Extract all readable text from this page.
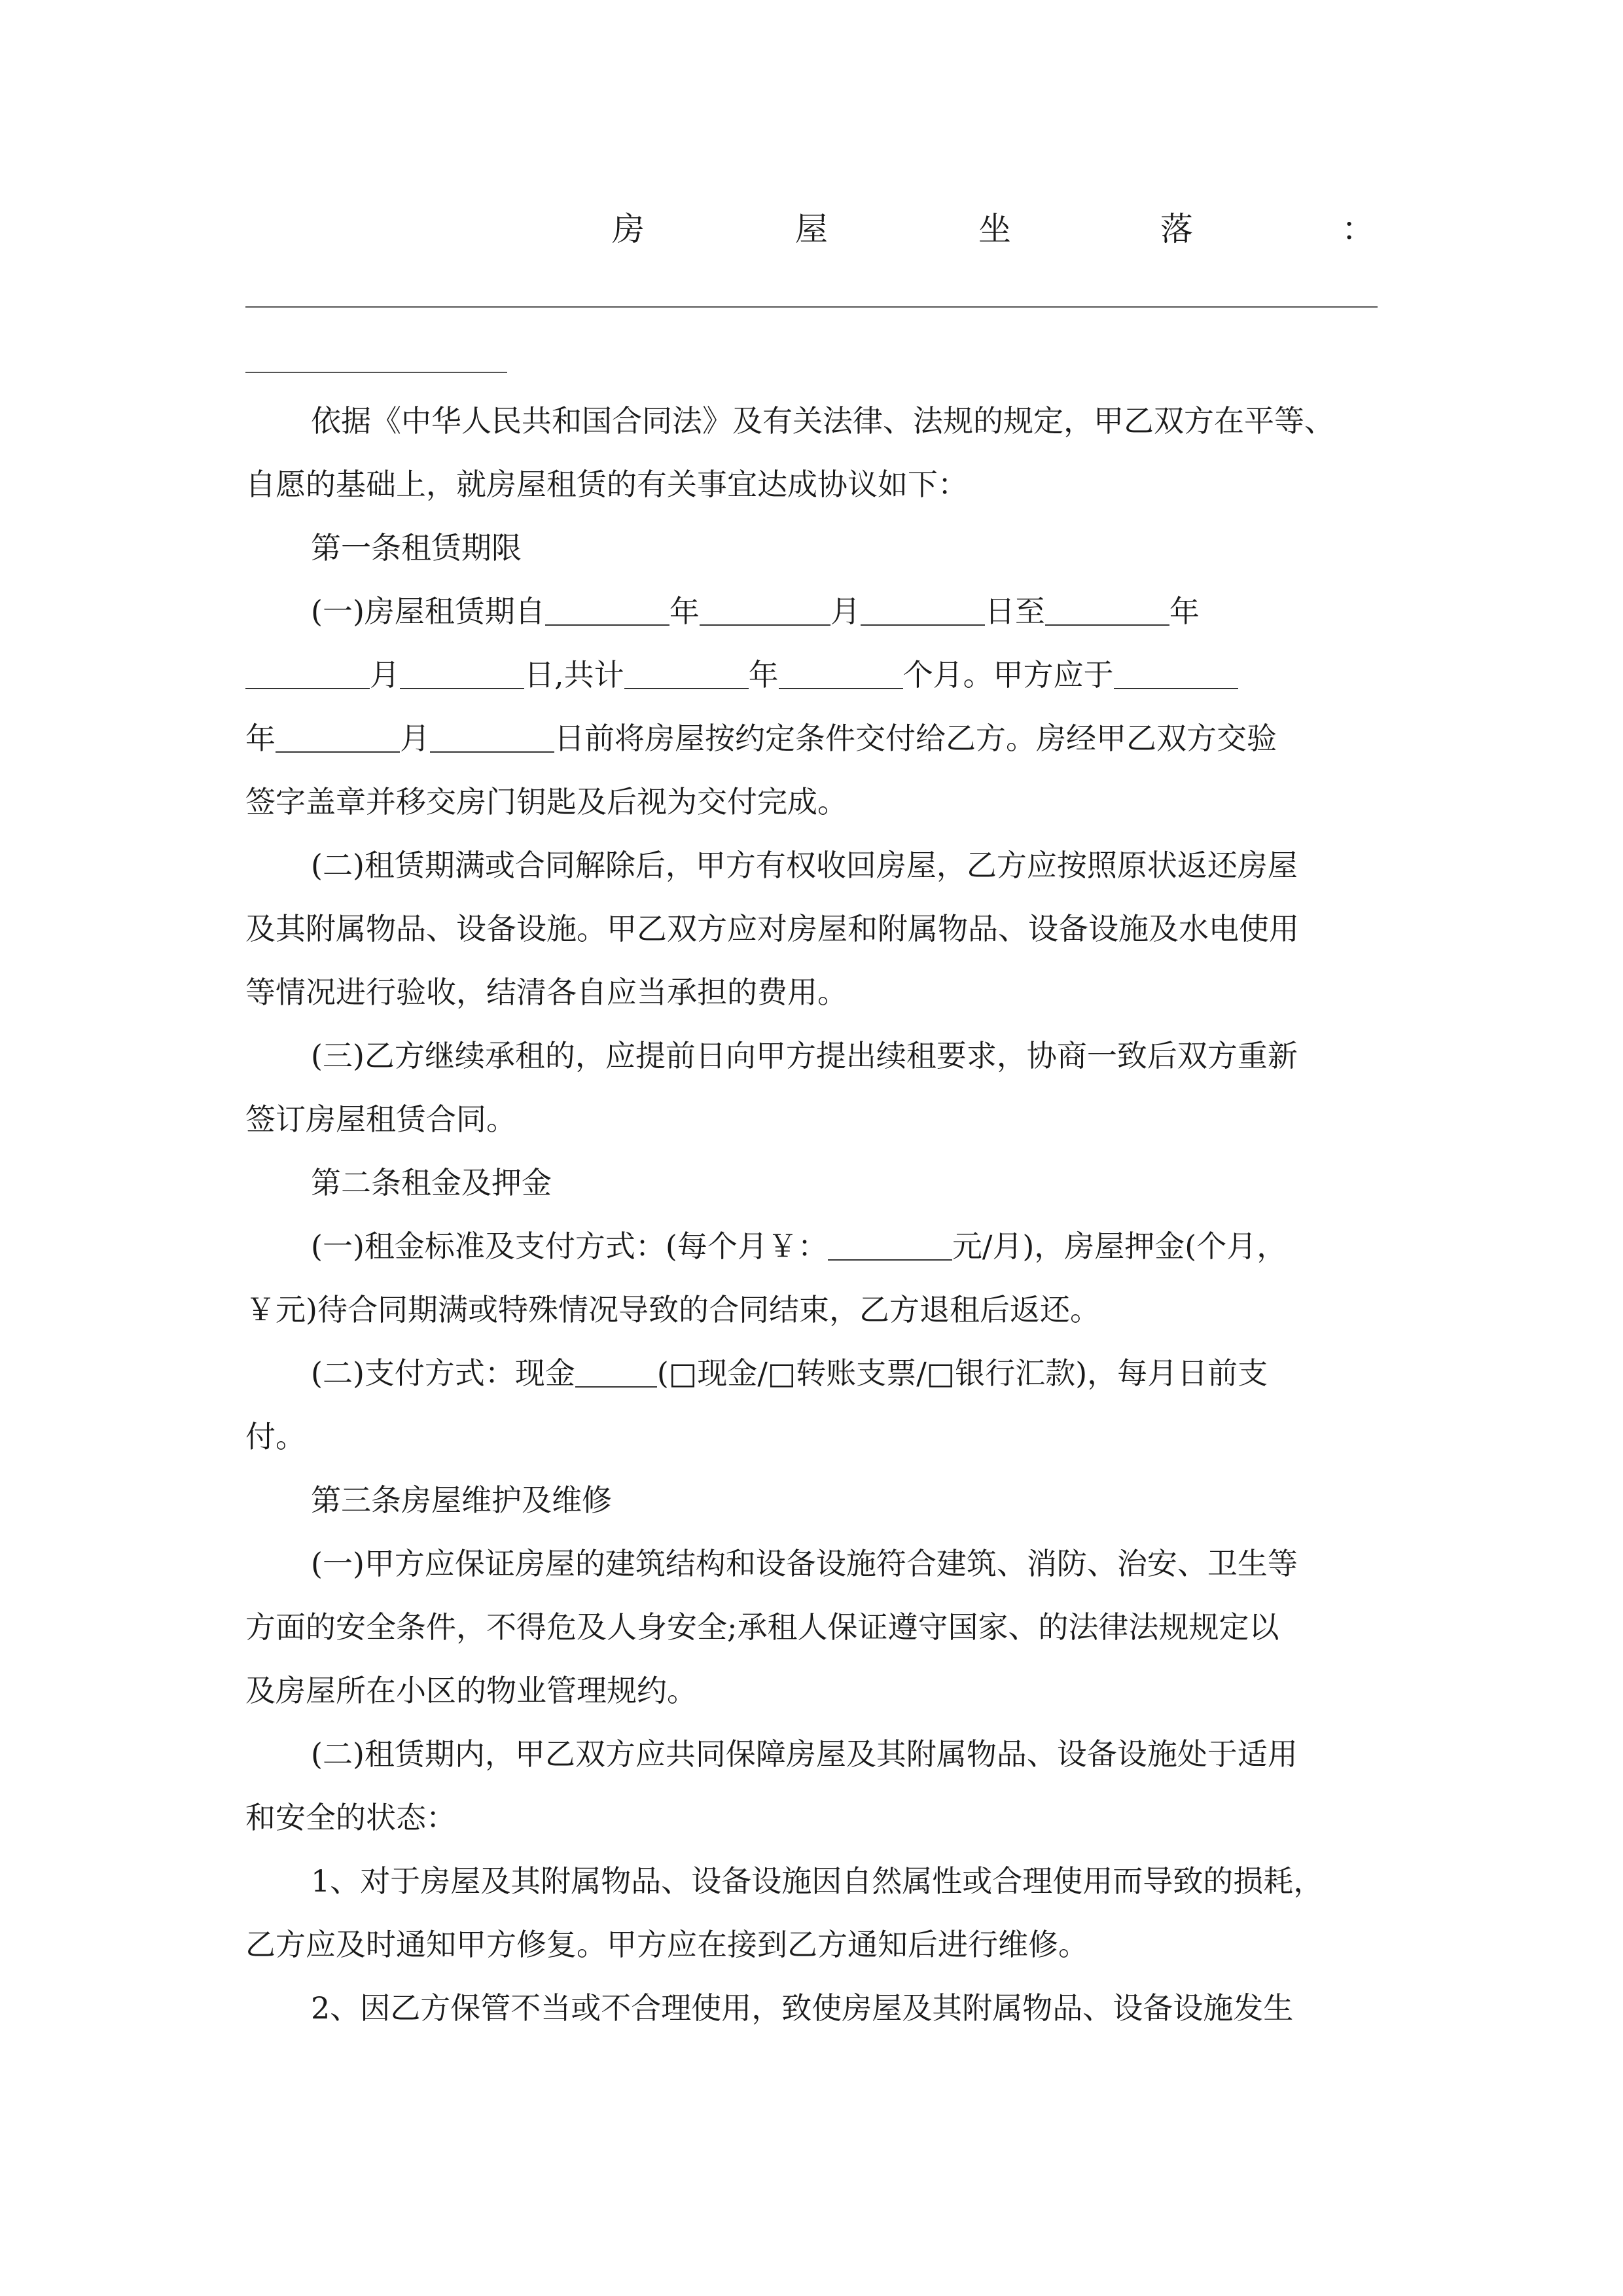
房	屋	坐	落	：
依据《中华人民共和国合同法》及有关法律、法规的规定，甲乙双方在平等、
自愿的基础上，就房屋租赁的有关事宜达成协议如下：
第一条租赁期限
(一)房屋租赁期自	年	月	日至	年
月	日,共计	年	个月。甲方应于
年	月	日前将房屋按约定条件交付给乙方。房经甲乙双方交验
签字盖章并移交房门钥匙及后视为交付完成。
(二)租赁期满或合同解除后，甲方有权收回房屋，乙方应按照原状返还房屋
及其附属物品、设备设施。甲乙双方应对房屋和附属物品、设备设施及水电使用
等情况进行验收，结清各自应当承担的费用。
(三)乙方继续承租的，应提前日向甲方提出续租要求，协商一致后双方重新
签订房屋租赁合同。
第二条租金及押金
(一)租金标准及支付方式：(每个月￥：	元/月)，房屋押金(个月，
￥元)待合同期满或特殊情况导致的合同结束，乙方退租后返还。
(二)支付方式：现金	(□现金/□转账支票/□银行汇款)，每月日前支
付。
第三条房屋维护及维修
(一)甲方应保证房屋的建筑结构和设备设施符合建筑、消防、治安、卫生等
方面的安全条件，不得危及人身安全;承租人保证遵守国家、的法律法规规定以
及房屋所在小区的物业管理规约。
(二)租赁期内，甲乙双方应共同保障房屋及其附属物品、设备设施处于适用
和安全的状态：
1、对于房屋及其附属物品、设备设施因自然属性或合理使用而导致的损耗，
乙方应及时通知甲方修复。甲方应在接到乙方通知后进行维修。
2、因乙方保管不当或不合理使用，致使房屋及其附属物品、设备设施发生
